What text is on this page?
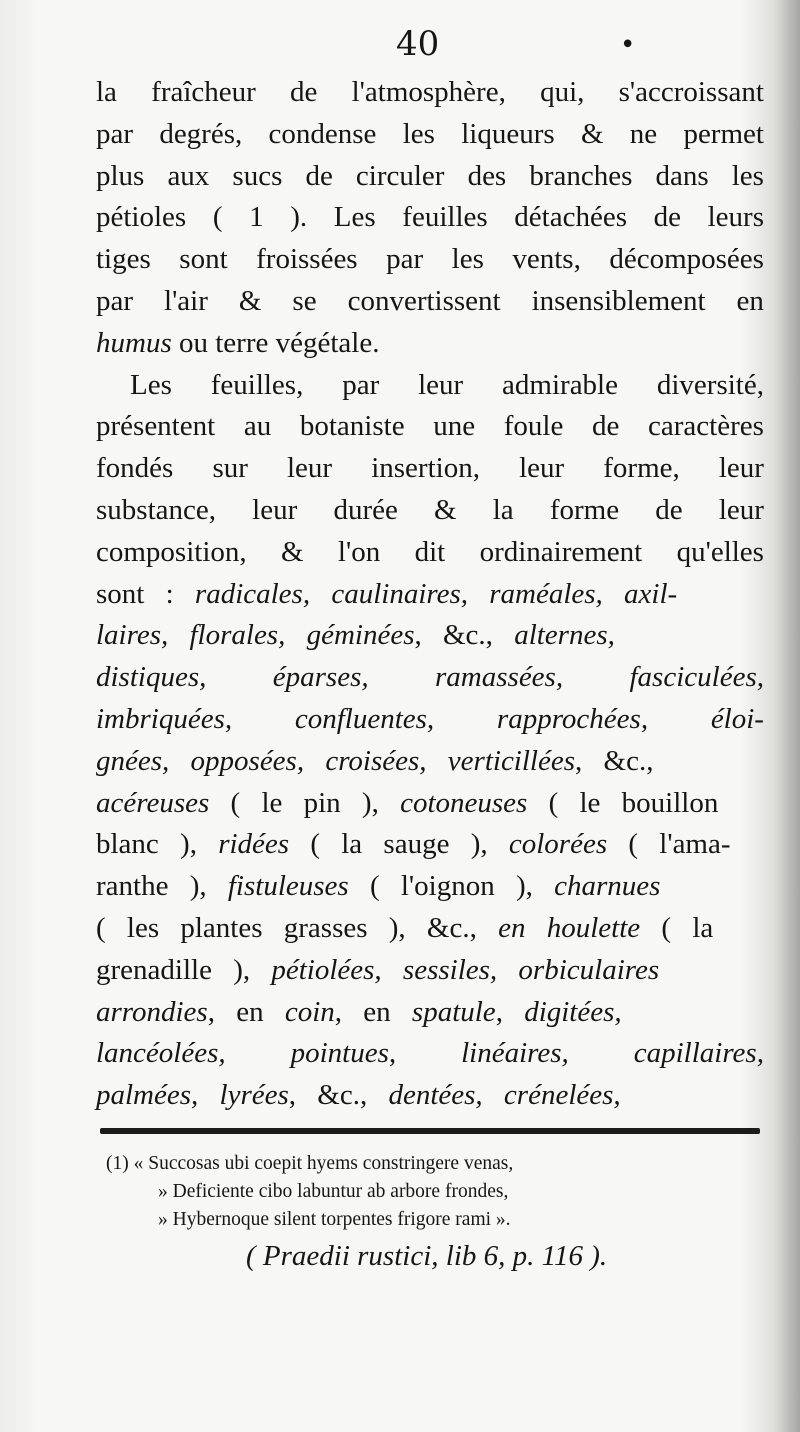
40	•
la fraîcheur de l'atmosphère, qui, s'accroissant
par degrés, condense les liqueurs & ne permet
plus aux sucs de circuler des branches dans les
pétioles ( 1 ). Les feuilles détachées de leurs
tiges sont froissées par les vents, décomposées
par l'air & se convertissent insensiblement en
humus ou terre végétale.
Les feuilles, par leur admirable diversité,
présentent au botaniste une foule de caractères
fondés sur leur insertion, leur forme, leur
substance, leur durée & la forme de leur
composition, & l'on dit ordinairement qu'elles
sont : radicales, caulinaires, raméales, axil-
laires, florales, géminées, &c., alternes,
distiques, éparses, ramassées, fasciculées,
imbriquées, confluentes, rapprochées, éloi-
gnées, opposées, croisées, verticillées, &c.,
acéreuses ( le pin ), cotoneuses ( le bouillon
blanc ), ridées ( la sauge ), colorées ( l'ama-
ranthe ), fistuleuses ( l'oignon ), charnues
( les plantes grasses ), &c., en houlette ( la
grenadille ), pétiolées, sessiles, orbiculaires
arrondies, en coin, en spatule, digitées,
lancéolées, pointues, linéaires, capillaires,
palmées, lyrées, &c., dentées, crénelées,
(1) « Succosas ubi coepit hyems constringere venas,
» Deficiente cibo labuntur ab arbore frondes,
» Hybernoque silent torpentes frigore rami ».
( Praedii rustici, lib 6, p. 116 ).
